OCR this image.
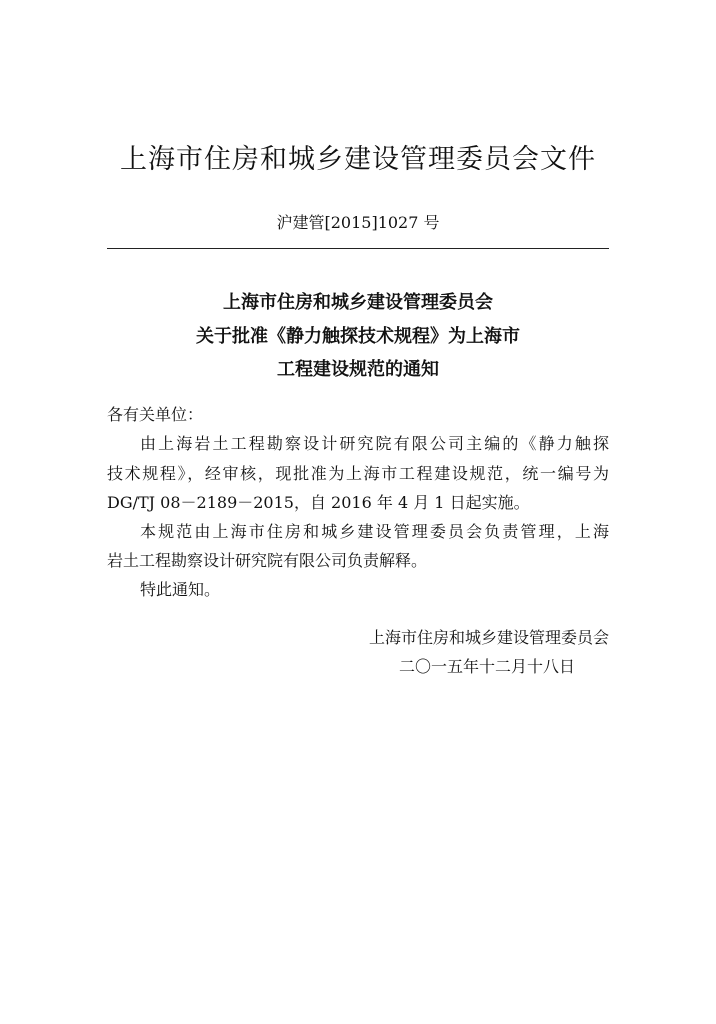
上海市住房和城乡建设管理委员会文件
沪建管[2015]1027 号
上海市住房和城乡建设管理委员会
关于批准《静力触探技术规程》为上海市
工程建设规范的通知
各有关单位：
由上海岩土工程勘察设计研究院有限公司主编的《静力触探
技术规程》，经审核，现批准为上海市工程建设规范，统一编号为
DG/TJ 08－2189－2015，自 2016 年 4 月 1 日起实施。
本规范由上海市住房和城乡建设管理委员会负责管理，上海
岩土工程勘察设计研究院有限公司负责解释。
特此通知。
上海市住房和城乡建设管理委员会
二〇一五年十二月十八日
